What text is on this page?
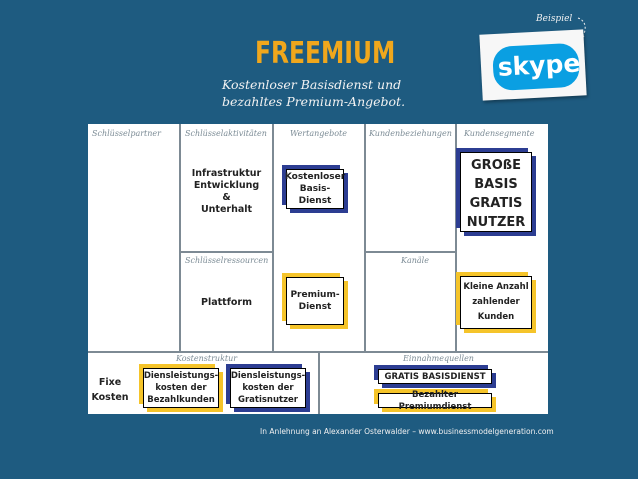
FREEMIUM
Kostenloser Basisdienst und
bezahltes Premium-Angebot.
Beispiel
skype
Schlüsselpartner	Schlüsselaktivitäten	Wertangebote	Kundenbeziehungen Kundensegmente
Schlüsselressourcen	Kanäle
Kostenstruktur	Einnahmequellen
Infrastruktur
Entwicklung
&
Unterhalt
Plattform
Kostenloser
Basis-Dienst
Premium-
Dienst
GROßE
BASIS
GRATIS
NUTZER
Kleine Anzahl
zahlender
Kunden
Fixe
Kosten
Diensleistungs-
kosten der
Bezahlkunden
Diensleistungs-
kosten der
Gratisnutzer
GRATIS BASISDIENST
Bezahlter Premiumdienst
In Anlehnung an Alexander Osterwalder – www.businessmodelgeneration.com
